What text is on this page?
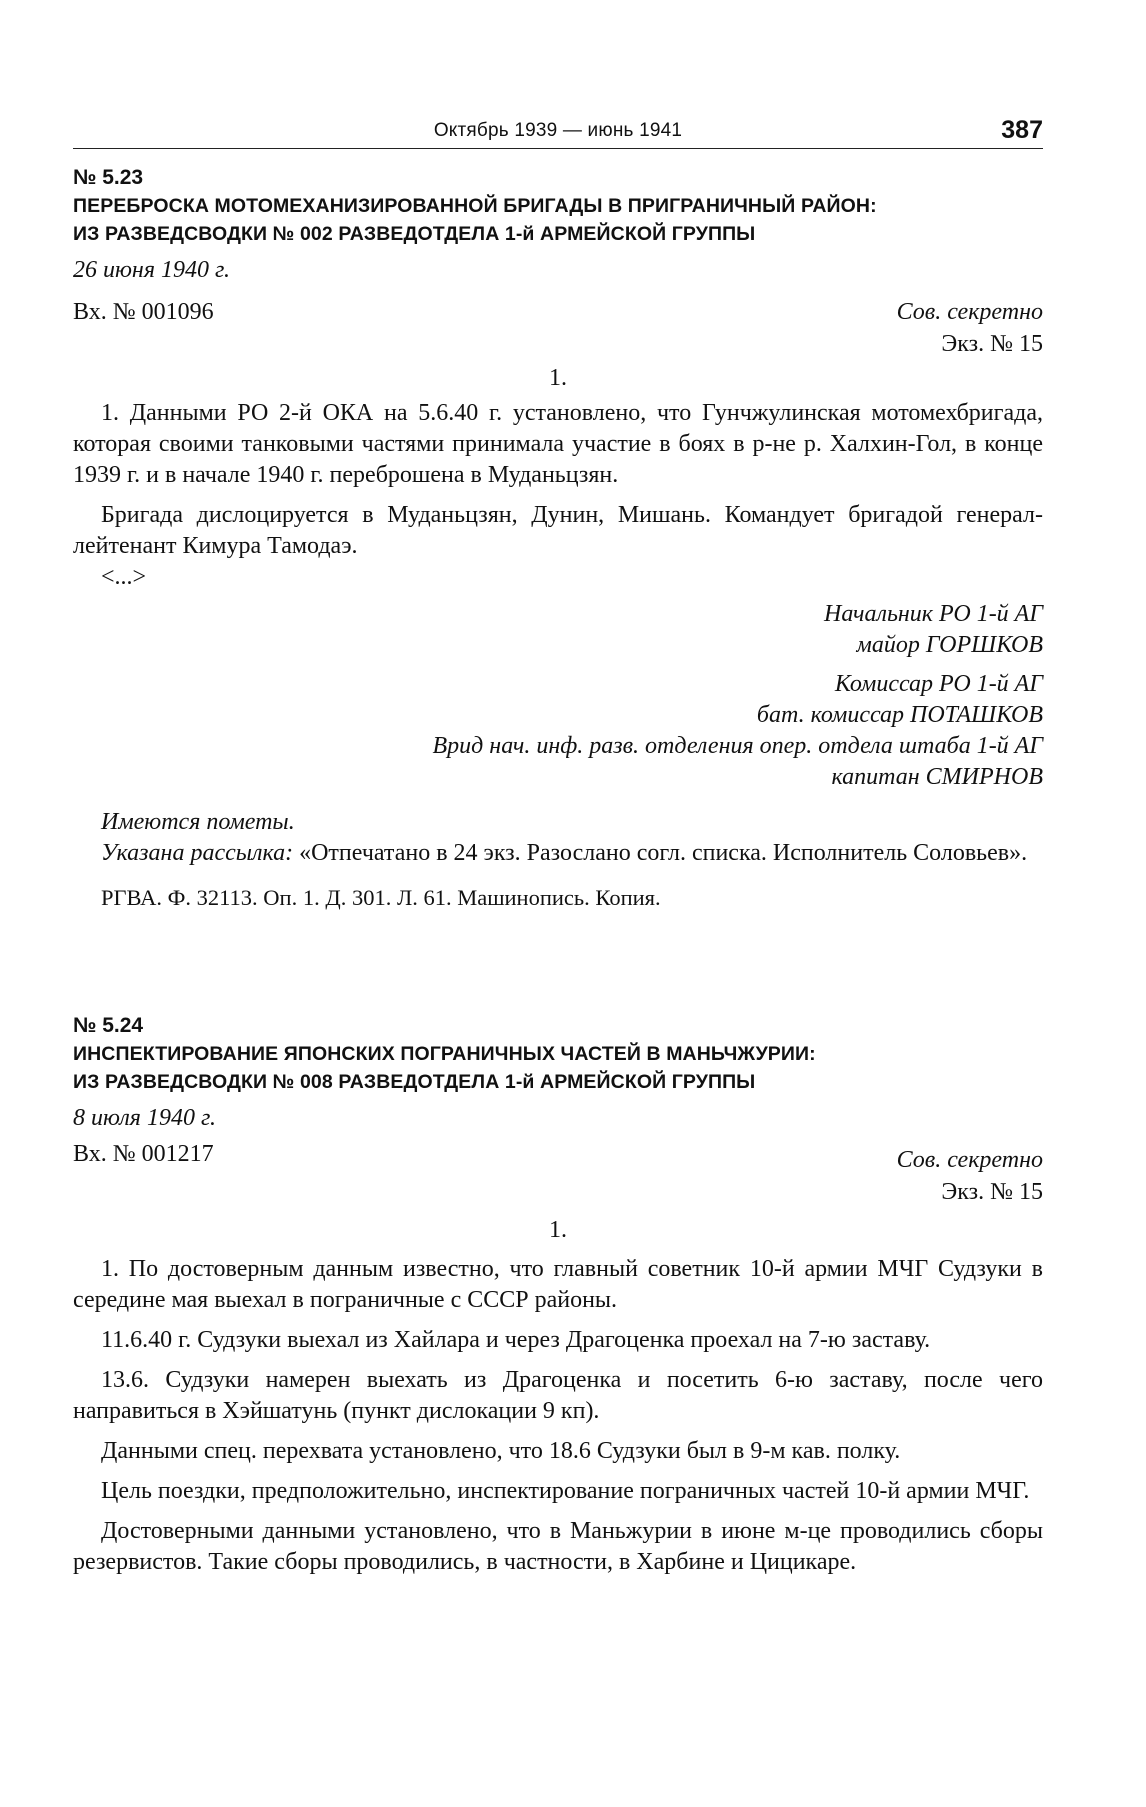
Октябрь 1939 — июнь 1941	387
№ 5.23
ПЕРЕБРОСКА МОТОМЕХАНИЗИРОВАННОЙ БРИГАДЫ В ПРИГРАНИЧНЫЙ РАЙОН:
ИЗ РАЗВЕДСВОДКИ № 002 РАЗВЕДОТДЕЛА 1-й АРМЕЙСКОЙ ГРУППЫ
26 июня 1940 г.
Вх. № 001096	Сов. секретно
Экз. № 15
1.

1. Данными РО 2-й ОКА на 5.6.40 г. установлено, что Гунчжулинская мотомехбригада, которая своими танковыми частями принимала участие в боях в р-не р. Халхин-Гол, в конце 1939 г. и в начале 1940 г. переброшена в Муданьцзян.

Бригада дислоцируется в Муданьцзян, Дунин, Мишань. Командует бригадой генерал-лейтенант Кимура Тамодаэ.

<...>

Начальник РО 1-й АГ
майор ГОРШКОВ
Комиссар РО 1-й АГ
бат. комиссар ПОТАШКОВ
Врид нач. инф. разв. отделения опер. отдела штаба 1-й АГ
капитан СМИРНОВ

Имеются пометы.

Указана рассылка: «Отпечатано в 24 экз. Разослано согл. списка. Исполнитель Соловьев».

РГВА. Ф. 32113. Оп. 1. Д. 301. Л. 61. Машинопись. Копия.
№ 5.24
ИНСПЕКТИРОВАНИЕ ЯПОНСКИХ ПОГРАНИЧНЫХ ЧАСТЕЙ В МАНЬЧЖУРИИ:
ИЗ РАЗВЕДСВОДКИ № 008 РАЗВЕДОТДЕЛА 1-й АРМЕЙСКОЙ ГРУППЫ
8 июля 1940 г.
Вх. № 001217	Сов. секретно
Экз. № 15
1.

1. По достоверным данным известно, что главный советник 10-й армии МЧГ Судзуки в середине мая выехал в пограничные с СССР районы.

11.6.40 г. Судзуки выехал из Хайлара и через Драгоценка проехал на 7-ю заставу.

13.6. Судзуки намерен выехать из Драгоценка и посетить 6-ю заставу, после чего направиться в Хэйшатунь (пункт дислокации 9 кп).

Данными спец. перехвата установлено, что 18.6 Судзуки был в 9-м кав. полку.

Цель поездки, предположительно, инспектирование пограничных частей 10-й армии МЧГ.

Достоверными данными установлено, что в Маньжурии в июне м-це проводились сборы резервистов. Такие сборы проводились, в частности, в Харбине и Цицикаре.
